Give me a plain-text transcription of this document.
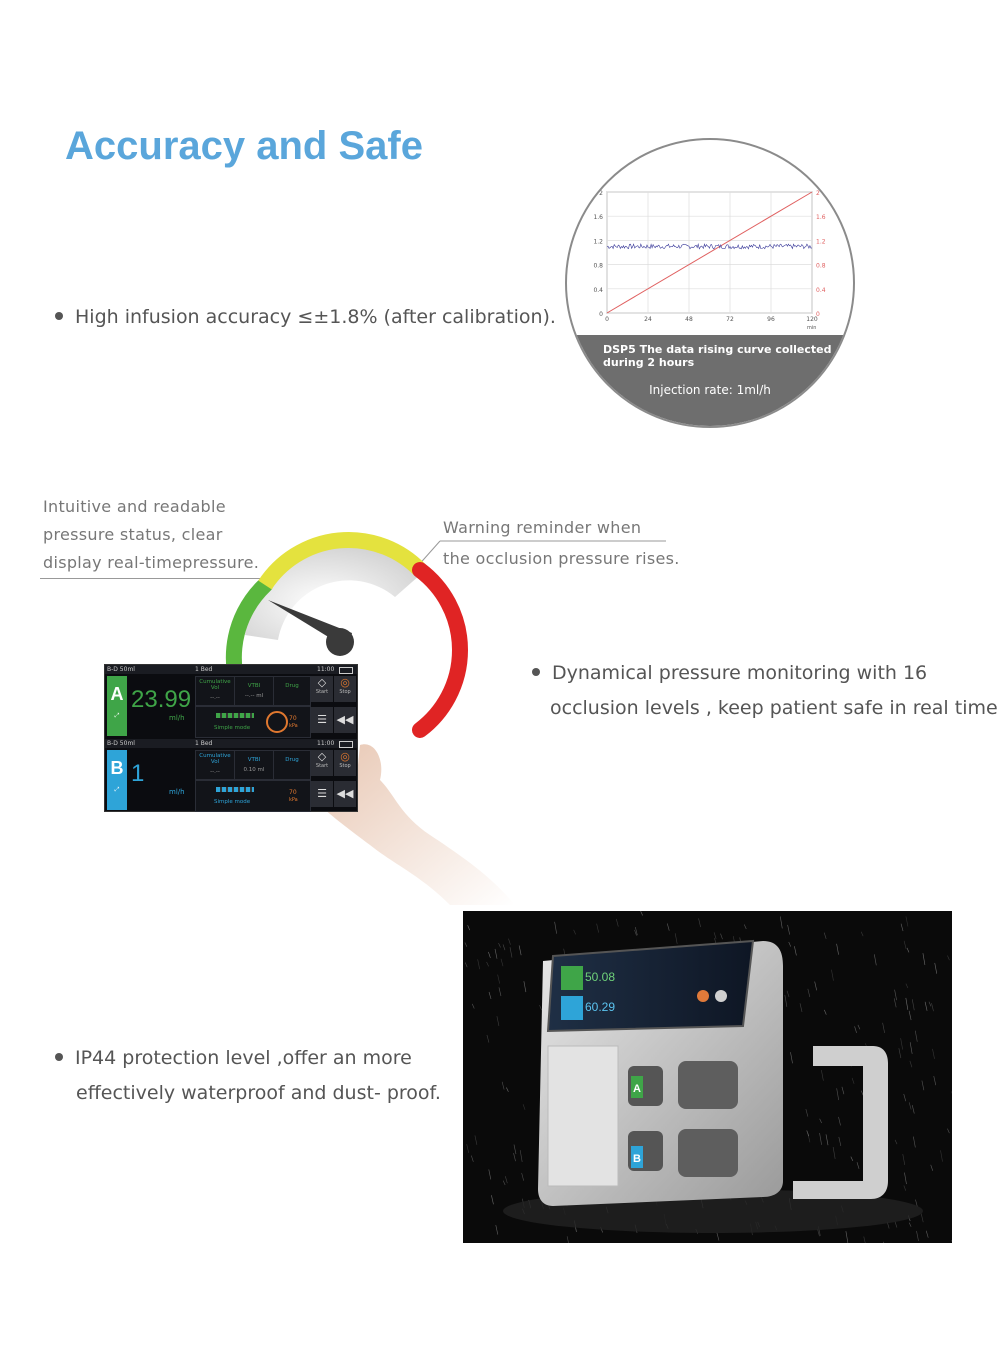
Accuracy and Safe
High infusion accuracy ≤±1.8% (after calibration).	0	0
0.4	0.4
0.8	0.8
1.2	1.2
1.6	1.6
2	2
0	24	48	72	96	120
min
DSP5 The data rising curve collected during 2 hours
Injection rate: 1ml/h
Intuitive and readable
pressure status, clear
display real-timepressure.
Warning reminder when
the occlusion pressure rises.
B-D 50ml	1 Bed	11:00
A
⤢
23.99
ml/h
Cumulative Vol
--.--
VTBI
--.-- ml
Drug
Simple mode
70
kPa
◇
Start
◎
Stop
☰ ◀◀
B-D 50ml	1 Bed	11:00
B
⤢
1
ml/h
Cumulative Vol
--.--
VTBI
0.10 ml
Drug
Simple mode
70
kPa
◇
Start
◎
Stop
☰ ◀◀
Dynamical pressure monitoring with 16
occlusion levels , keep patient safe in real time
IP44 protection level ,offer an more
effectively waterproof and dust- proof.
50.08
60.29
A
B
